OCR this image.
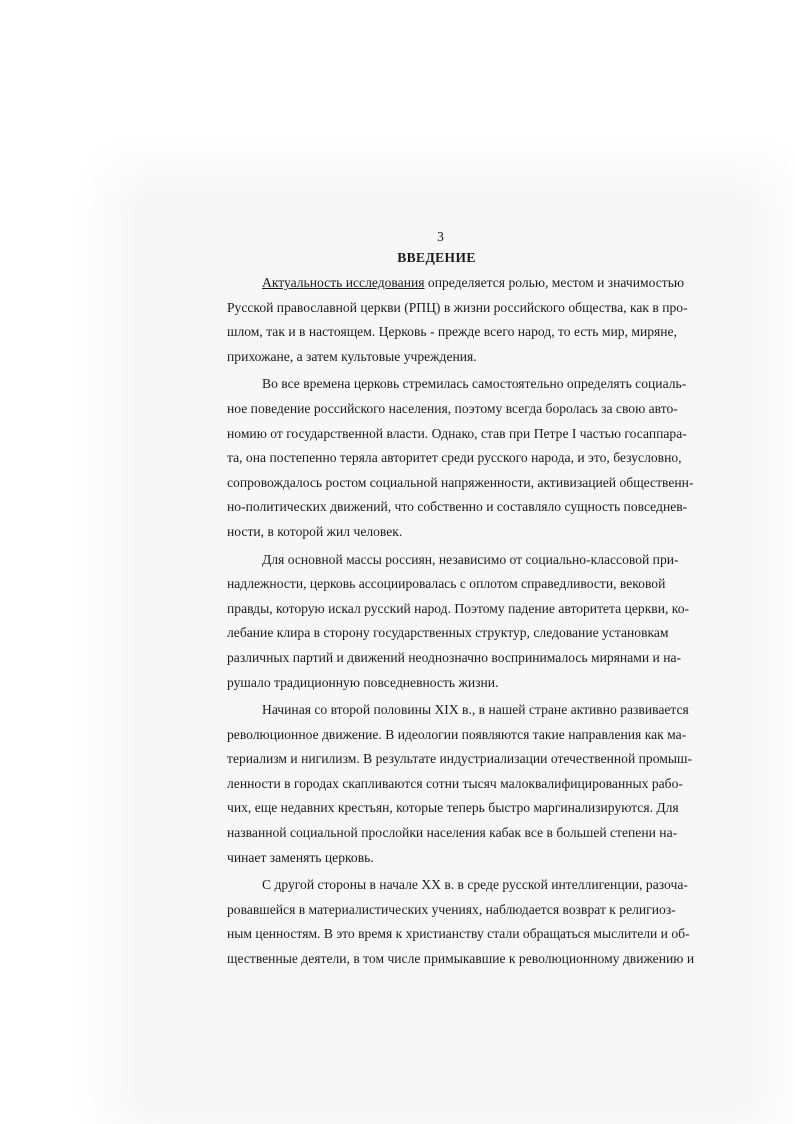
3
ВВЕДЕНИЕ
Актуальность исследования определяется ролью, местом и значимостью
Русской православной церкви (РПЦ) в жизни российского общества, как в про-
шлом, так и в настоящем. Церковь - прежде всего народ, то есть мир, миряне,
прихожане, а затем культовые учреждения.
Во все времена церковь стремилась самостоятельно определять социаль-
ное поведение российского населения, поэтому всегда боролась за свою авто-
номию от государственной власти. Однако, став при Петре I частью госаппара-
та, она постепенно теряла авторитет среди русского народа, и это, безусловно,
сопровождалось ростом социальной напряженности, активизацией общественн-
но-политических движений, что собственно и составляло сущность повседнев-
ности, в которой жил человек.
Для основной массы россиян, независимо от социально-классовой при-
надлежности, церковь ассоциировалась с оплотом справедливости, вековой
правды, которую искал русский народ. Поэтому падение авторитета церкви, ко-
лебание клира в сторону государственных структур, следование установкам
различных партий и движений неоднозначно воспринималось мирянами и на-
рушало традиционную повседневность жизни.
Начиная со второй половины XIX в., в нашей стране активно развивается
революционное движение. В идеологии появляются такие направления как ма-
териализм и нигилизм. В результате индустриализации отечественной промыш-
ленности в городах скапливаются сотни тысяч малоквалифицированных рабо-
чих, еще недавних крестьян, которые теперь быстро маргинализируются. Для
названной социальной прослойки населения кабак все в большей степени на-
чинает заменять церковь.
С другой стороны в начале XX в. в среде русской интеллигенции, разоча-
ровавшейся в материалистических учениях, наблюдается возврат к религиоз-
ным ценностям. В это время к христианству стали обращаться мыслители и об-
щественные деятели, в том числе примыкавшие к революционному движению и
